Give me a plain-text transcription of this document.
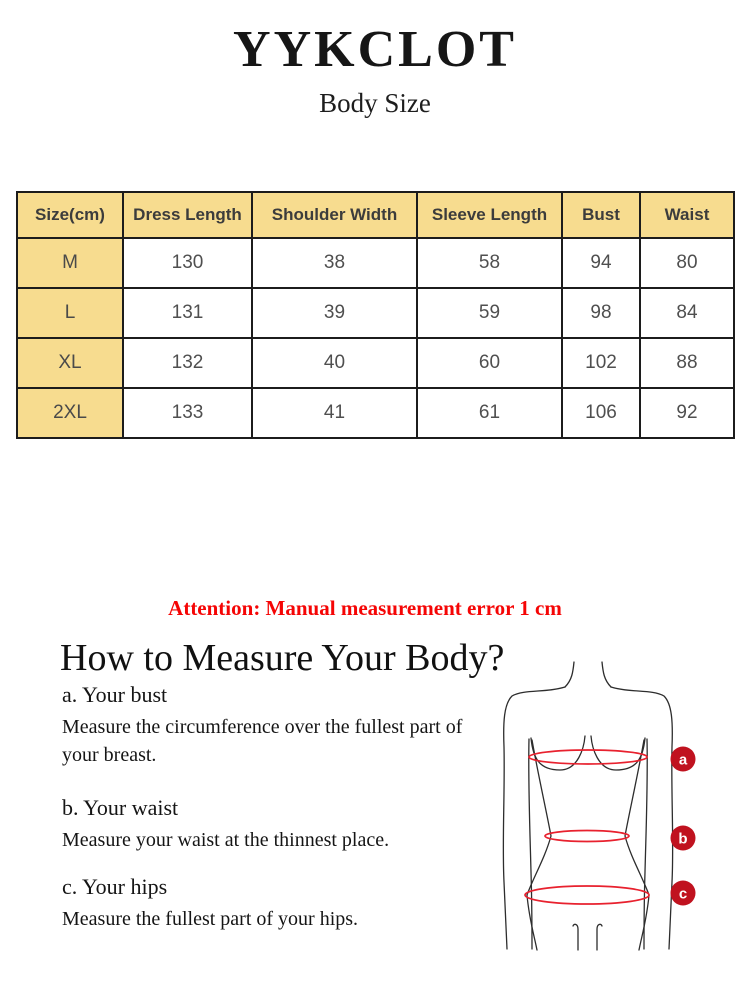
YYKCLOT
Body Size
Size(cm)	Dress Length	Shoulder Width	Sleeve Length	Bust	Waist
M	130	38	58	94	80
L	131	39	59	98	84
XL	132	40	60	102	88
2XL	133	41	61	106	92
Attention: Manual measurement error 1 cm
How to Measure Your Body?
a. Your bust
Measure the circumference over the fullest part of your breast.
b. Your waist
Measure your waist at the thinnest place.
c. Your hips
Measure the fullest part of your hips.
a
b
c
